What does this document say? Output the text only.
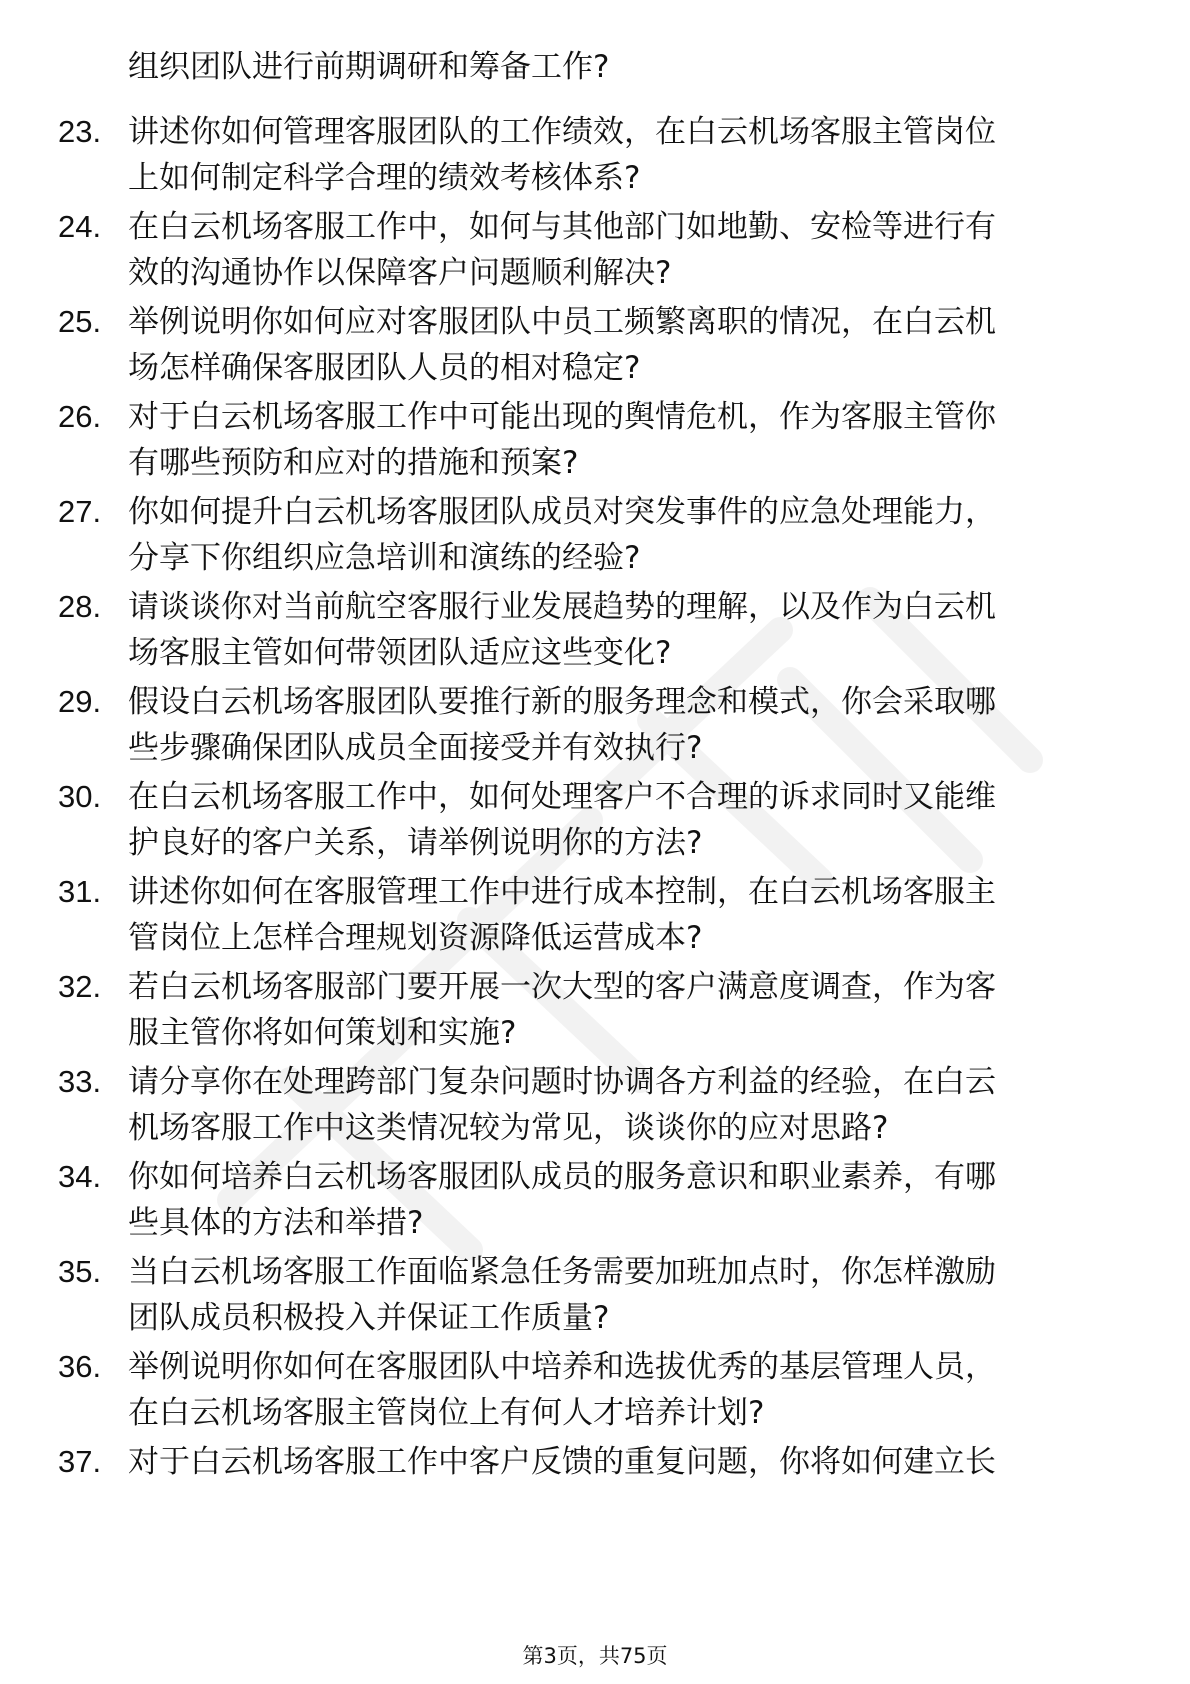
组织团队进行前期调研和筹备工作?
23. 讲述你如何管理客服团队的工作绩效，在白云机场客服主管岗位
上如何制定科学合理的绩效考核体系?
24. 在白云机场客服工作中，如何与其他部门如地勤、安检等进行有
效的沟通协作以保障客户问题顺利解决?
25. 举例说明你如何应对客服团队中员工频繁离职的情况，在白云机
场怎样确保客服团队人员的相对稳定?
26. 对于白云机场客服工作中可能出现的舆情危机，作为客服主管你
有哪些预防和应对的措施和预案?
27. 你如何提升白云机场客服团队成员对突发事件的应急处理能力，
分享下你组织应急培训和演练的经验?
28. 请谈谈你对当前航空客服行业发展趋势的理解，以及作为白云机
场客服主管如何带领团队适应这些变化?
29. 假设白云机场客服团队要推行新的服务理念和模式，你会采取哪
些步骤确保团队成员全面接受并有效执行?
30. 在白云机场客服工作中，如何处理客户不合理的诉求同时又能维
护良好的客户关系，请举例说明你的方法?
31. 讲述你如何在客服管理工作中进行成本控制，在白云机场客服主
管岗位上怎样合理规划资源降低运营成本?
32. 若白云机场客服部门要开展一次大型的客户满意度调查，作为客
服主管你将如何策划和实施?
33. 请分享你在处理跨部门复杂问题时协调各方利益的经验，在白云
机场客服工作中这类情况较为常见，谈谈你的应对思路?
34. 你如何培养白云机场客服团队成员的服务意识和职业素养，有哪
些具体的方法和举措?
35. 当白云机场客服工作面临紧急任务需要加班加点时，你怎样激励
团队成员积极投入并保证工作质量?
36. 举例说明你如何在客服团队中培养和选拔优秀的基层管理人员，
在白云机场客服主管岗位上有何人才培养计划?
37. 对于白云机场客服工作中客户反馈的重复问题，你将如何建立长
第3页，共75页
